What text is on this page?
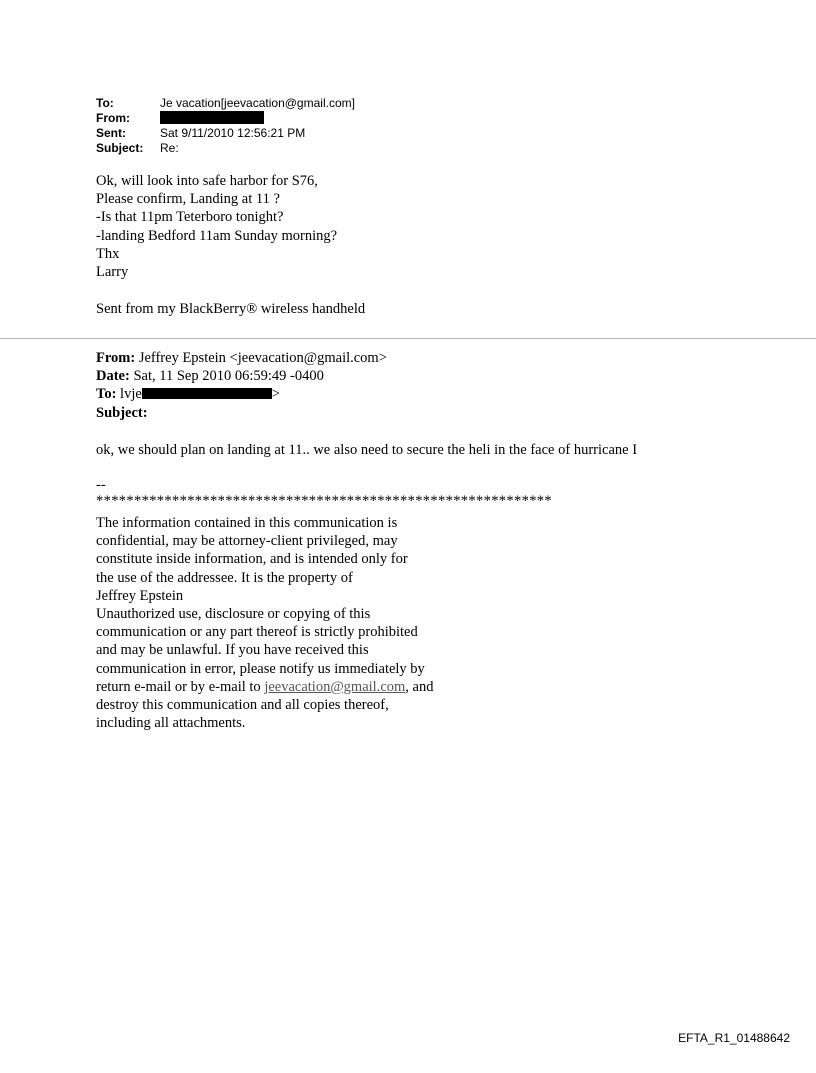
To:	Je vacation[jeevacation@gmail.com]
From:
Sent:	Sat 9/11/2010 12:56:21 PM
Subject:	Re:
Ok, will look into safe harbor for S76,
Please confirm, Landing at 11 ?
-Is that 11pm Teterboro tonight?
-landing Bedford 11am Sunday morning?
Thx
Larry
Sent from my BlackBerry® wireless handheld
From: Jeffrey Epstein <jeevacation@gmail.com>
Date: Sat, 11 Sep 2010 06:59:49 -0400
To: lvje	>
Subject:
ok, we should plan on landing at 11.. we also need to secure the heli in the face of hurricane I
--
************************************************************
The information contained in this communication is
confidential, may be attorney-client privileged, may
constitute inside information, and is intended only for
the use of the addressee. It is the property of
Jeffrey Epstein
Unauthorized use, disclosure or copying of this
communication or any part thereof is strictly prohibited
and may be unlawful. If you have received this
communication in error, please notify us immediately by
return e-mail or by e-mail to jeevacation@gmail.com, and
destroy this communication and all copies thereof,
including all attachments.
EFTA_R1_01488642
